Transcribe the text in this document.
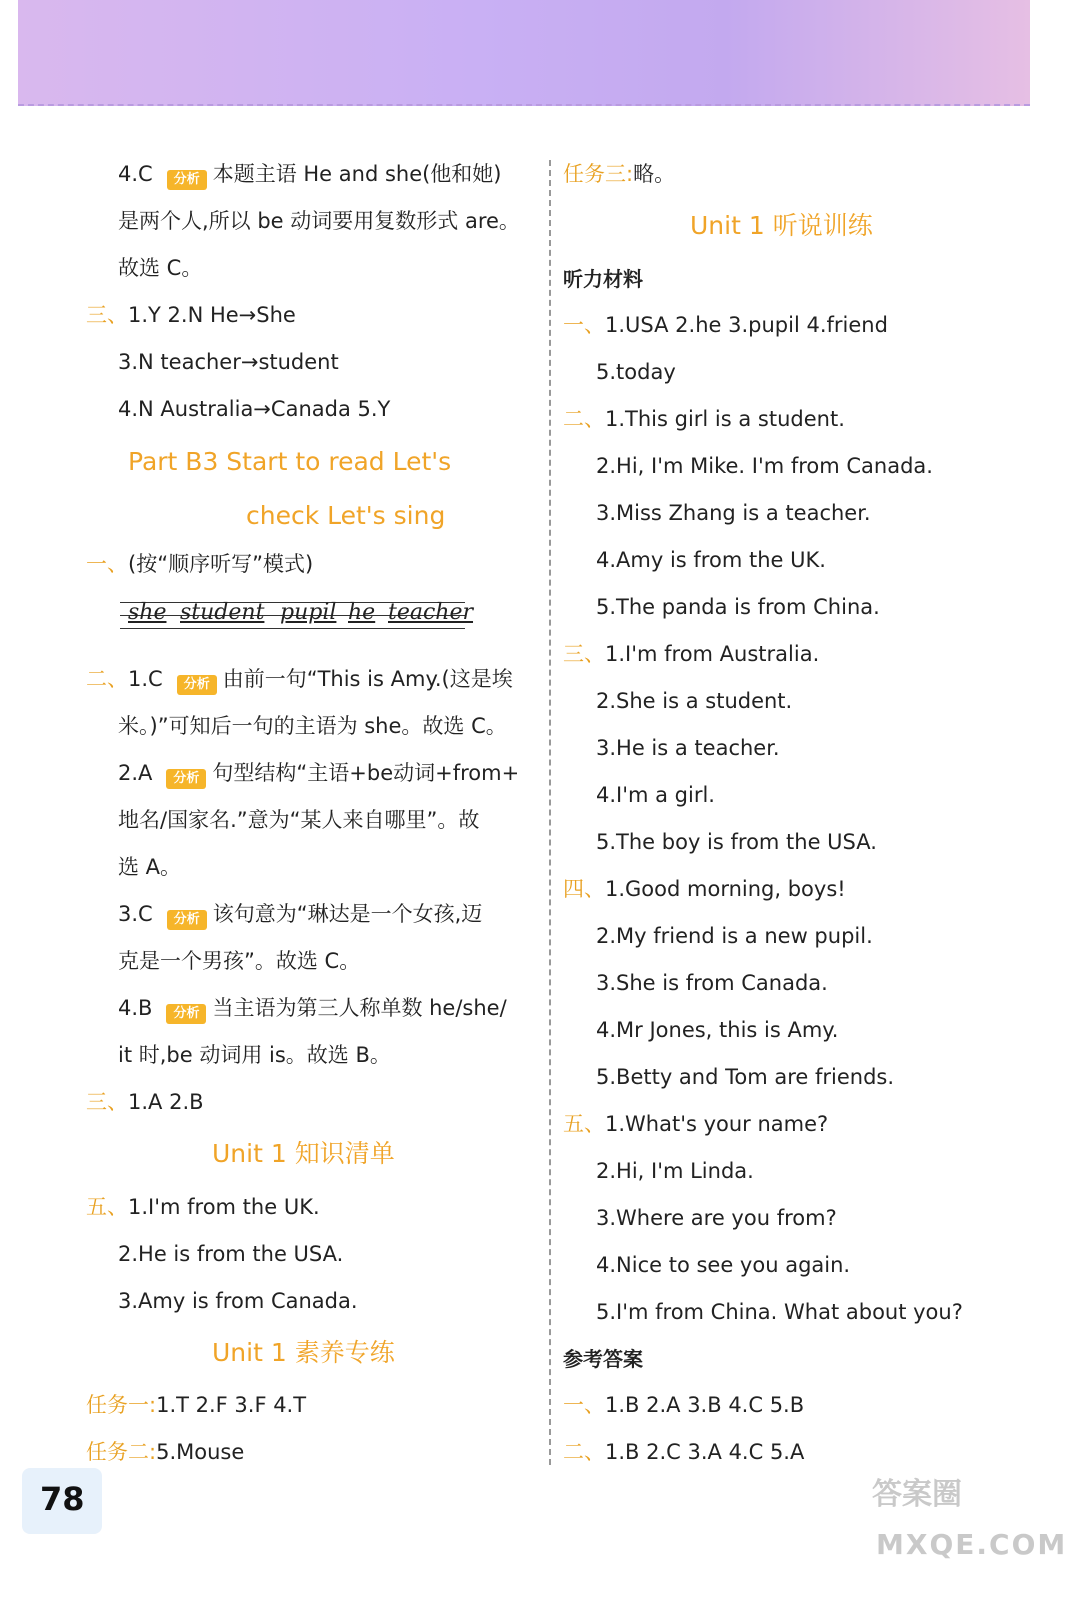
4.C 分析 本题主语 He and she(他和她)
是两个人,所以 be 动词要用复数形式 are。
故选 C。
三、1.Y 2.N He→She
3.N teacher→student
4.N Australia→Canada 5.Y
Part B3 Start to read Let's
check Let's sing
一、(按“顺序听写”模式)
she student pupil he teacher
二、1.C 分析 由前一句“This is Amy.(这是埃
米。)”可知后一句的主语为 she。故选 C。
2.A 分析 句型结构“主语+be动词+from+
地名/国家名.”意为“某人来自哪里”。故
选 A。
3.C 分析 该句意为“琳达是一个女孩,迈
克是一个男孩”。故选 C。
4.B 分析 当主语为第三人称单数 he/she/
it 时,be 动词用 is。故选 B。
三、1.A 2.B
Unit 1 知识清单
五、1.I'm from the UK.
2.He is from the USA.
3.Amy is from Canada.
Unit 1 素养专练
任务一:1.T 2.F 3.F 4.T
任务二:5.Mouse
任务三:略。
Unit 1 听说训练
听力材料
一、1.USA 2.he 3.pupil 4.friend
5.today
二、1.This girl is a student.
2.Hi, I'm Mike. I'm from Canada.
3.Miss Zhang is a teacher.
4.Amy is from the UK.
5.The panda is from China.
三、1.I'm from Australia.
2.She is a student.
3.He is a teacher.
4.I'm a girl.
5.The boy is from the USA.
四、1.Good morning, boys!
2.My friend is a new pupil.
3.She is from Canada.
4.Mr Jones, this is Amy.
5.Betty and Tom are friends.
五、1.What's your name?
2.Hi, I'm Linda.
3.Where are you from?
4.Nice to see you again.
5.I'm from China. What about you?
参考答案
一、1.B 2.A 3.B 4.C 5.B
二、1.B 2.C 3.A 4.C 5.A
78	答案圈
MXQE.COM
